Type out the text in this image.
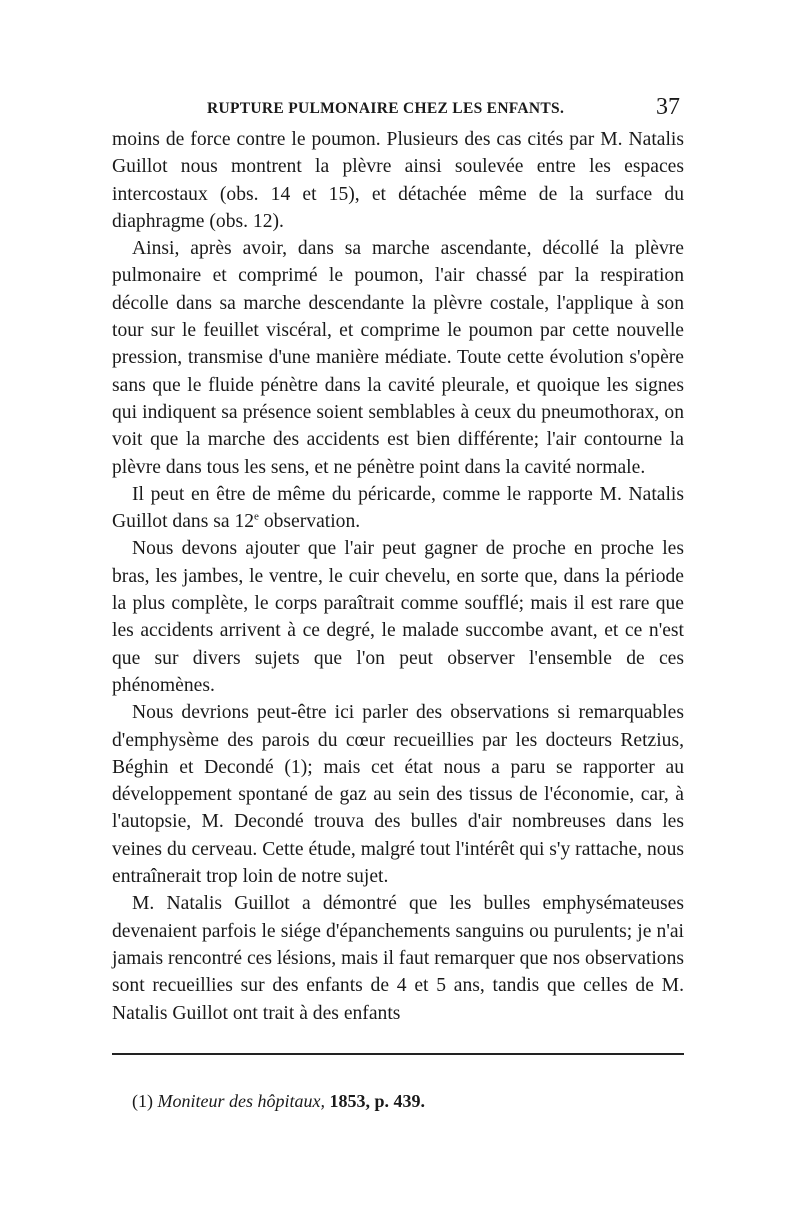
RUPTURE PULMONAIRE CHEZ LES ENFANTS.	37

moins de force contre le poumon. Plusieurs des cas cités par M. Natalis Guillot nous montrent la plèvre ainsi soulevée entre les espaces intercostaux (obs. 14 et 15), et détachée même de la surface du diaphragme (obs. 12).

Ainsi, après avoir, dans sa marche ascendante, décollé la plèvre pulmonaire et comprimé le poumon, l'air chassé par la respiration décolle dans sa marche descendante la plèvre costale, l'applique à son tour sur le feuillet viscéral, et comprime le poumon par cette nouvelle pression, transmise d'une manière médiate. Toute cette évolution s'opère sans que le fluide pénètre dans la cavité pleurale, et quoique les signes qui indiquent sa présence soient semblables à ceux du pneumothorax, on voit que la marche des accidents est bien différente; l'air contourne la plèvre dans tous les sens, et ne pénètre point dans la cavité normale.

Il peut en être de même du péricarde, comme le rapporte M. Natalis Guillot dans sa 12e observation.

Nous devons ajouter que l'air peut gagner de proche en proche les bras, les jambes, le ventre, le cuir chevelu, en sorte que, dans la période la plus complète, le corps paraîtrait comme soufflé; mais il est rare que les accidents arrivent à ce degré, le malade succombe avant, et ce n'est que sur divers sujets que l'on peut observer l'ensemble de ces phénomènes.

Nous devrions peut-être ici parler des observations si remarquables d'emphysème des parois du cœur recueillies par les docteurs Retzius, Béghin et Decondé (1); mais cet état nous a paru se rapporter au développement spontané de gaz au sein des tissus de l'économie, car, à l'autopsie, M. Decondé trouva des bulles d'air nombreuses dans les veines du cerveau. Cette étude, malgré tout l'intérêt qui s'y rattache, nous entraînerait trop loin de notre sujet.

M. Natalis Guillot a démontré que les bulles emphysémateuses devenaient parfois le siége d'épanchements sanguins ou purulents; je n'ai jamais rencontré ces lésions, mais il faut remarquer que nos observations sont recueillies sur des enfants de 4 et 5 ans, tandis que celles de M. Natalis Guillot ont trait à des enfants

(1) Moniteur des hôpitaux, 1853, p. 439.
